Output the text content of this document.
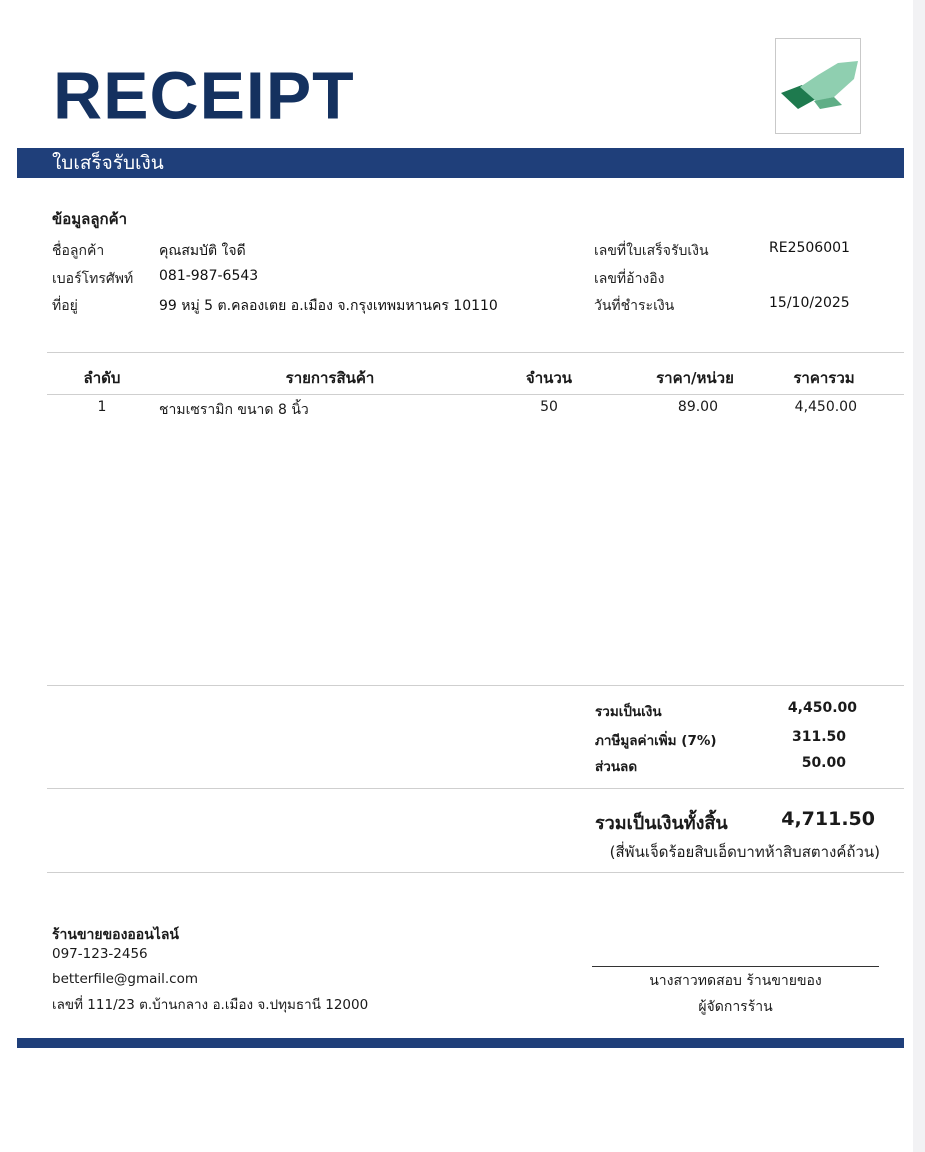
RECEIPT
ใบเสร็จรับเงิน
ข้อมูลลูกค้า
ชื่อลูกค้า	คุณสมบัติ ใจดี
เบอร์โทรศัพท์ 081-987-6543
ที่อยู่	99 หมู่ 5 ต.คลองเตย อ.เมือง จ.กรุงเทพมหานคร 10110
เลขที่ใบเสร็จรับเงิน	RE2506001
เลขที่อ้างอิง
วันที่ชำระเงิน	15/10/2025
ลำดับ	รายการสินค้า	จำนวน	ราคา/หน่วย	ราคารวม
1	ชามเซรามิก ขนาด 8 นิ้ว	50	89.00	4,450.00
รวมเป็นเงิน	4,450.00
ภาษีมูลค่าเพิ่ม (7%)	311.50
ส่วนลด	50.00
รวมเป็นเงินทั้งสิ้น	4,711.50
(สี่พันเจ็ดร้อยสิบเอ็ดบาทห้าสิบสตางค์ถ้วน)
ร้านขายของออนไลน์
097-123-2456
betterfile@gmail.com
เลขที่ 111/23 ต.บ้านกลาง อ.เมือง จ.ปทุมธานี 12000
นางสาวทดสอบ ร้านขายของ
ผู้จัดการร้าน
